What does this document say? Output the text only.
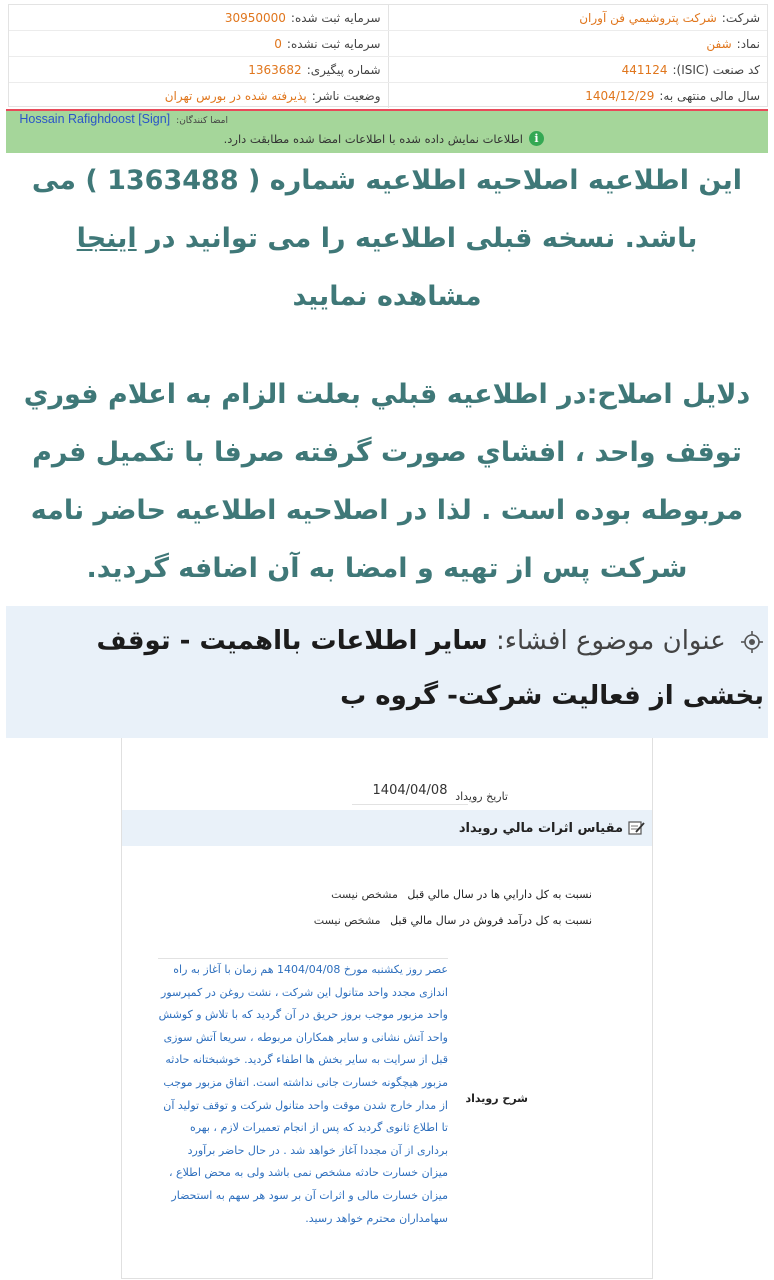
شرکت:
شرکت پتروشیمي فن آوران
سرمایه ثبت شده:
30950000
نماد:
شفن
سرمایه ثبت نشده:
0
کد صنعت (ISIC):
441124
شماره پیگیری:
1363682
سال مالی منتهی به:
1404/12/29
وضعیت ناشر:
پذیرفته شده در بورس تهران
امضا کنندگان:
Hossain Rafighdoost [Sign]
i
اطلاعات نمایش داده شده با اطلاعات امضا شده مطابقت دارد.
این اطلاعیه اصلاحیه اطلاعیه شماره ( 1363488 ) می باشد. نسخه قبلی اطلاعیه را می توانید در اینجا مشاهده نمایید
دلایل اصلاح:در اطلاعیه قبلي بعلت الزام به اعلام فوري توقف واحد ، افشاي صورت گرفته صرفا با تکميل فرم مربوطه بوده است . لذا در اصلاحيه اطلاعيه حاضر نامه شرکت پس از تهيه و امضا به آن اضافه گرديد.
عنوان موضوع افشاء: سایر اطلاعات بااهمیت - توقف بخشی از فعالیت شرکت- گروه ب
تاريخ رويداد
1404/04/08
مقياس اثرات مالي رويداد
نسبت به کل دارايي ها در سال مالي قبل مشخص نيست
نسبت به کل درآمد فروش در سال مالي قبل مشخص نيست
شرح رويداد
عصر روز یکشنبه مورخ 1404/04/08 هم زمان با آغاز به راه اندازی مجدد واحد متانول این شرکت ، نشت روغن در کمپرسور واحد مزبور موجب بروز حریق در آن گردید که با تلاش و کوشش واحد آتش نشانی و سایر همکاران مربوطه ، سریعا آتش سوزی قبل از سرایت به سایر بخش ها اطفاء گردید. خوشبختانه حادثه مزبور هیچگونه خسارت جانی نداشته است. اتفاق مزبور موجب از مدار خارج شدن موقت واحد متانول شرکت و توقف تولید آن تا اطلاع ثانوی گردید که پس از انجام تعمیرات لازم ، بهره برداری از آن مجددا آغاز خواهد شد . در حال حاضر برآورد میزان خسارت حادثه مشخص نمی باشد ولی به محض اطلاع ، میزان خسارت مالی و اثرات آن بر سود هر سهم به استحضار سهامداران محترم خواهد رسید.
